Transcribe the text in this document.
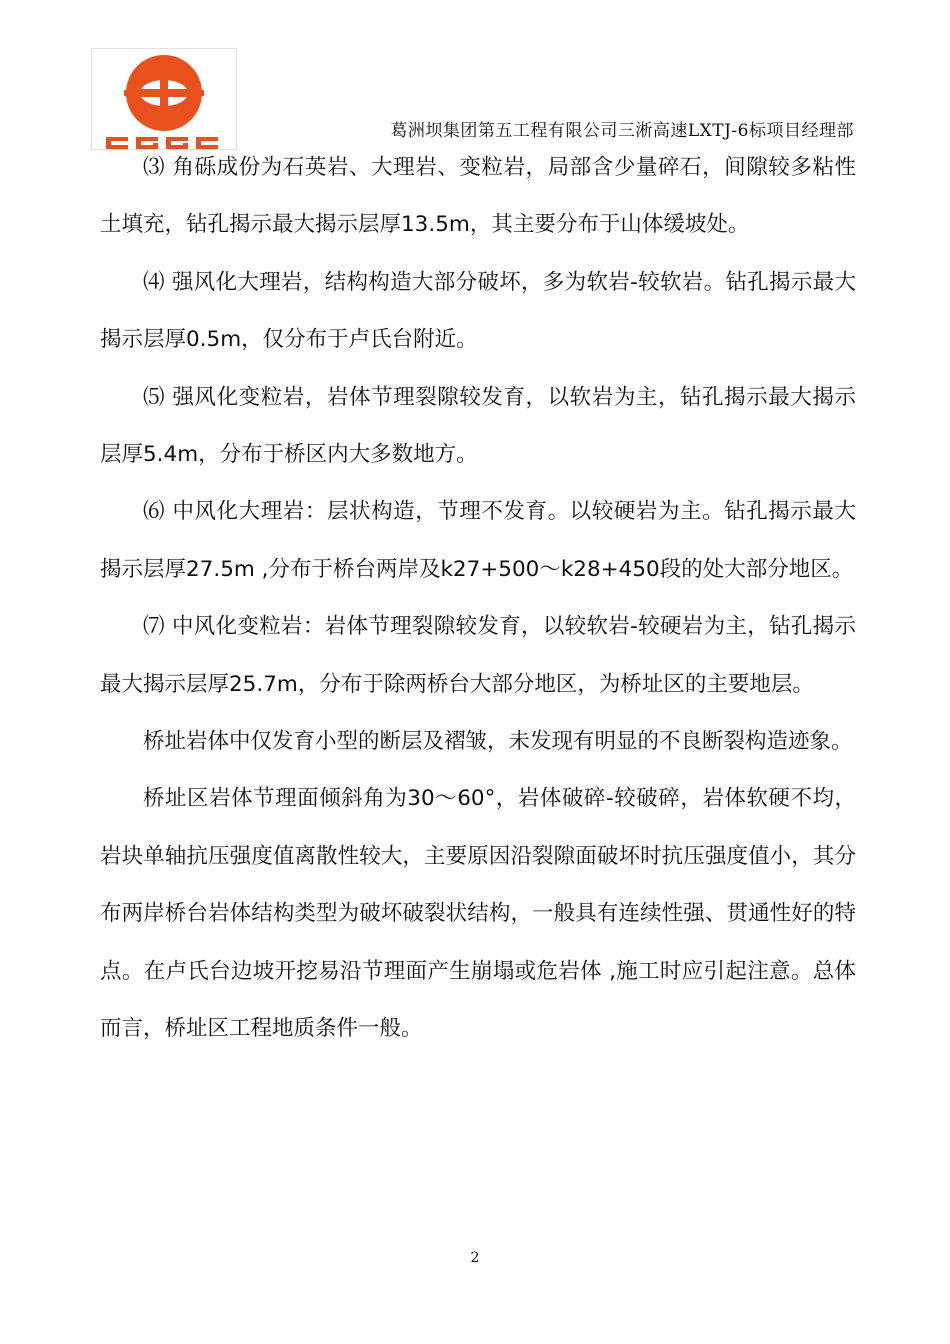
葛洲坝集团第五工程有限公司三淅高速LXTJ-6标项目经理部

⑶ 角砾成份为石英岩、大理岩、变粒岩，局部含少量碎石，间隙较多粘性土填充，钻孔揭示最大揭示层厚13.5m，其主要分布于山体缓坡处。

⑷ 强风化大理岩，结构构造大部分破坏，多为软岩-较软岩。钻孔揭示最大揭示层厚0.5m，仅分布于卢氏台附近。

⑸ 强风化变粒岩，岩体节理裂隙较发育，以软岩为主，钻孔揭示最大揭示层厚5.4m，分布于桥区内大多数地方。

⑹ 中风化大理岩：层状构造，节理不发育。以较硬岩为主。钻孔揭示最大揭示层厚27.5m ,分布于桥台两岸及k27+500～k28+450段的处大部分地区。

⑺ 中风化变粒岩：岩体节理裂隙较发育，以较软岩-较硬岩为主，钻孔揭示最大揭示层厚25.7m，分布于除两桥台大部分地区，为桥址区的主要地层。

桥址岩体中仅发育小型的断层及褶皱，未发现有明显的不良断裂构造迹象。

桥址区岩体节理面倾斜角为30～60°，岩体破碎-较破碎，岩体软硬不均，岩块单轴抗压强度值离散性较大，主要原因沿裂隙面破坏时抗压强度值小，其分布两岸桥台岩体结构类型为破坏破裂状结构，一般具有连续性强、贯通性好的特点。在卢氏台边坡开挖易沿节理面产生崩塌或危岩体 ,施工时应引起注意。总体而言，桥址区工程地质条件一般。

2
